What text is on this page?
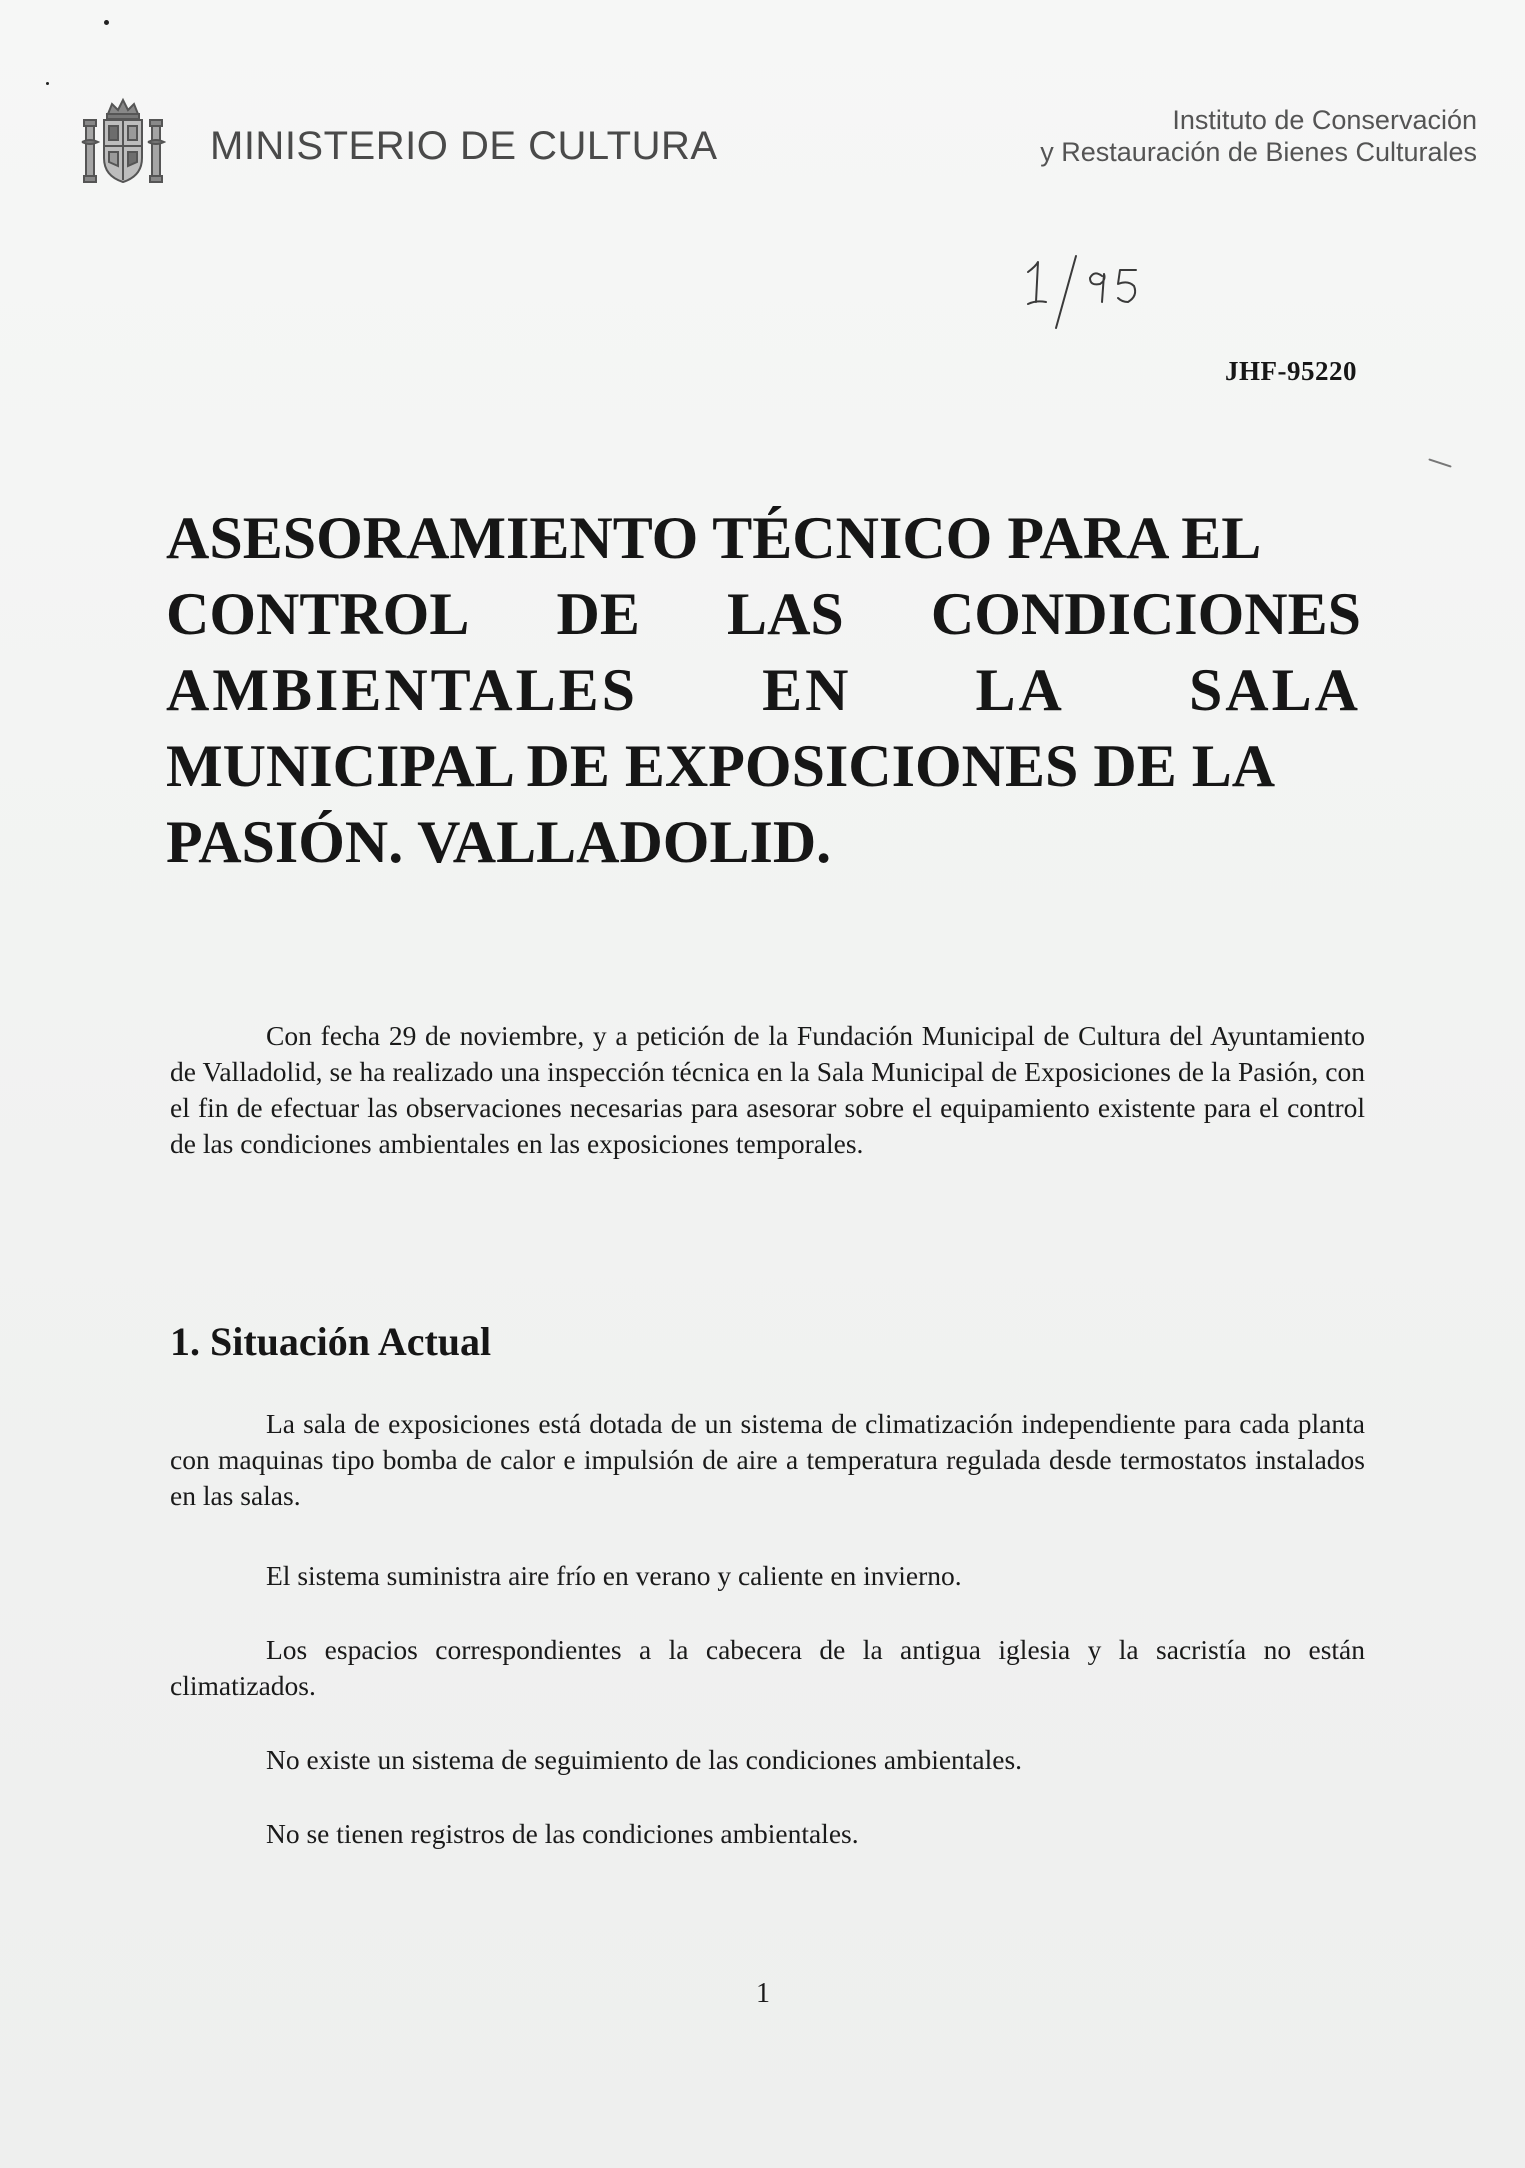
MINISTERIO DE CULTURA
Instituto de Conservación
y Restauración de Bienes Culturales
JHF-95220
ASESORAMIENTO TÉCNICO PARA EL
CONTROL DE LAS CONDICIONES
AMBIENTALES EN LA SALA
MUNICIPAL DE EXPOSICIONES DE LA
PASIÓN. VALLADOLID.

Con fecha 29 de noviembre, y a petición de la Fundación Municipal de Cultura del Ayuntamiento de Valladolid, se ha realizado una inspección técnica en la Sala Municipal de Exposiciones de la Pasión, con el fin de efectuar las observaciones necesarias para asesorar sobre el equipamiento existente para el control de las condiciones ambientales en las exposiciones temporales.

1. Situación Actual

La sala de exposiciones está dotada de un sistema de climatización independiente para cada planta con maquinas tipo bomba de calor e impulsión de aire a temperatura regulada desde termostatos instalados en las salas.

El sistema suministra aire frío en verano y caliente en invierno.

Los espacios correspondientes a la cabecera de la antigua iglesia y la sacristía no están climatizados.

No existe un sistema de seguimiento de las condiciones ambientales.

No se tienen registros de las condiciones ambientales.

1
